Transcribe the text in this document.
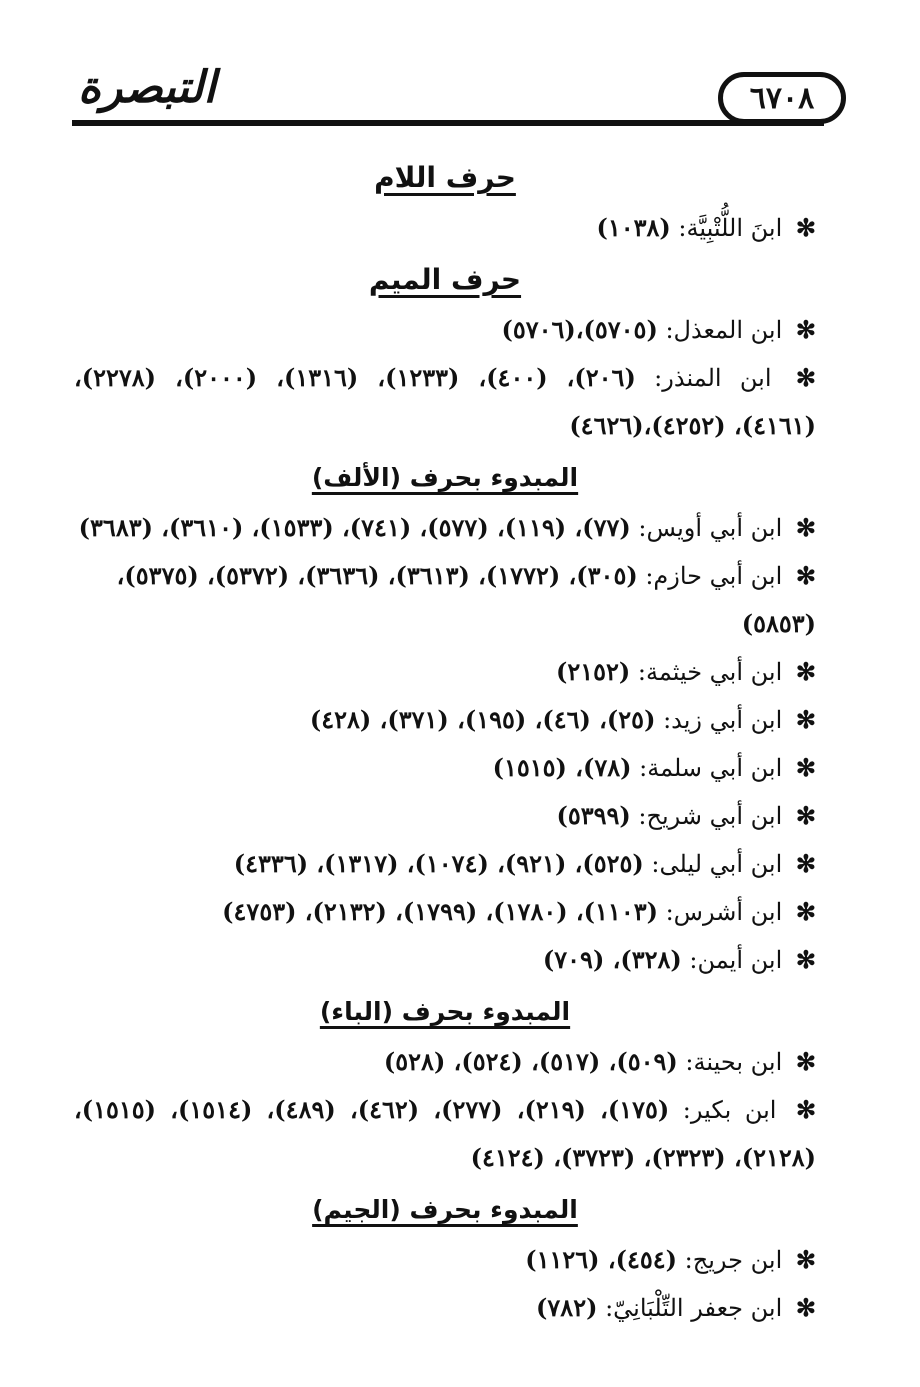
٦٧٠٨
التبصرة
حرف اللام
✻ ابنَ اللُّتْبِيَّة: (١٠٣٨)
حرف الميم
✻ ابن المعذل: (٥٧٠٥)،(٥٧٠٦)
✻ ابن المنذر: (٢٠٦)، (٤٠٠)، (١٢٣٣)، (١٣١٦)، (٢٠٠٠)، (٢٢٧٨)، (٤١٦١)، (٤٢٥٢)،(٤٦٢٦)
المبدوء بحرف (الألف)
✻ ابن أبي أويس: (٧٧)، (١١٩)، (٥٧٧)، (٧٤١)، (١٥٣٣)، (٣٦١٠)، (٣٦٨٣)
✻ ابن أبي حازم: (٣٠٥)، (١٧٧٢)، (٣٦١٣)، (٣٦٣٦)، (٥٣٧٢)، (٥٣٧٥)،(٥٨٥٣)
✻ ابن أبي خيثمة: (٢١٥٢)
✻ ابن أبي زيد: (٢٥)، (٤٦)، (١٩٥)، (٣٧١)، (٤٢٨)
✻ ابن أبي سلمة: (٧٨)، (١٥١٥)
✻ ابن أبي شريح: (٥٣٩٩)
✻ ابن أبي ليلى: (٥٢٥)، (٩٢١)، (١٠٧٤)، (١٣١٧)، (٤٣٣٦)
✻ ابن أشرس: (١١٠٣)، (١٧٨٠)، (١٧٩٩)، (٢١٣٢)، (٤٧٥٣)
✻ ابن أيمن: (٣٢٨)، (٧٠٩)
المبدوء بحرف (الباء)
✻ ابن بحينة: (٥٠٩)، (٥١٧)، (٥٢٤)، (٥٢٨)
✻ ابن بكير: (١٧٥)، (٢١٩)، (٢٧٧)، (٤٦٢)، (٤٨٩)، (١٥١٤)، (١٥١٥)، (٢١٢٨)، (٢٣٢٣)، (٣٧٢٣)، (٤١٢٤)
المبدوء بحرف (الجيم)
✻ ابن جريج: (٤٥٤)، (١١٢٦)
✻ ابن جعفر التِّلْبَانِيّ: (٧٨٢)
